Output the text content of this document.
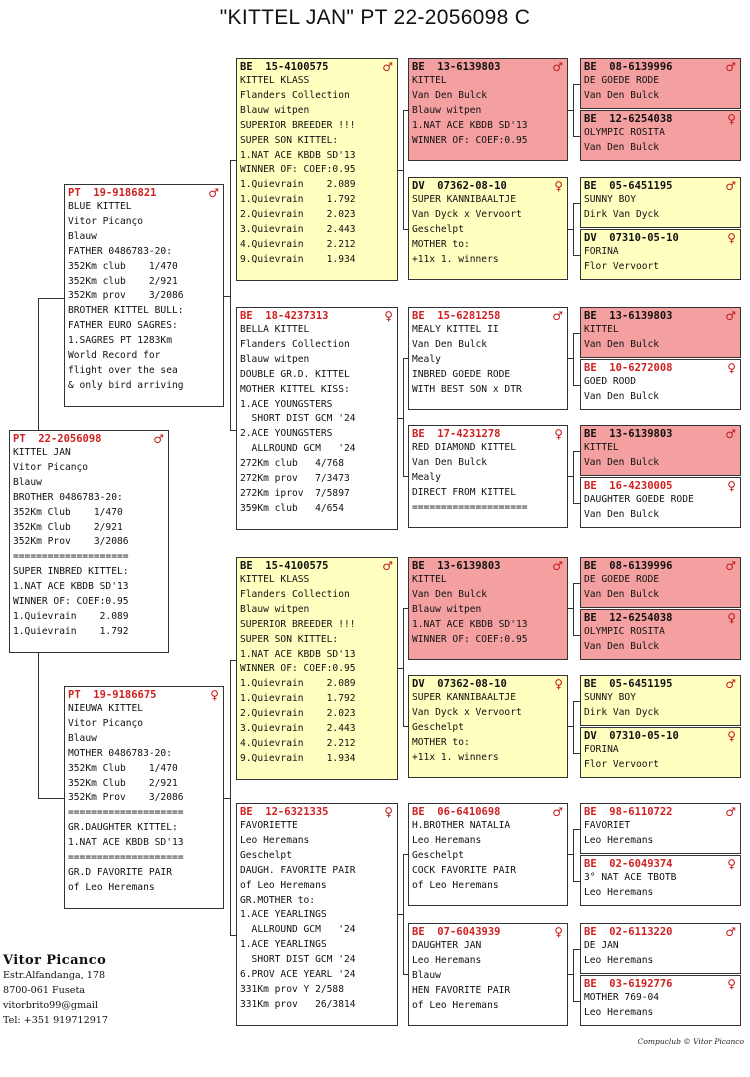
"KITTEL JAN" PT 22-2056098 C
PT  22-2056098	♂
KITTEL JAN
Vitor Picanço
Blauw
BROTHER 0486783-20:
352Km Club    1/470
352Km Club    2/921
352Km Prov    3/2086
====================
SUPER INBRED KITTEL:
1.NAT ACE KBDB SD'13
WINNER OF: COEF:0.95
1.Quievrain    2.089
1.Quievrain    1.792
PT  19-9186821	♂
BLUE KITTEL
Vitor Picanço
Blauw
FATHER 0486783-20:
352Km club    1/470
352Km club    2/921
352Km prov    3/2086
BROTHER KITTEL BULL:
FATHER EURO SAGRES:
1.SAGRES PT 1283Km
World Record for
flight over the sea
& only bird arriving
PT  19-9186675	♀
NIEUWA KITTEL
Vitor Picanço
Blauw
MOTHER 0486783-20:
352Km Club    1/470
352Km Club    2/921
352Km Prov    3/2086
====================
GR.DAUGHTER KITTEL:
1.NAT ACE KBDB SD'13
====================
GR.D FAVORITE PAIR
of Leo Heremans
BE  15-4100575	♂
KITTEL KLASS
Flanders Collection
Blauw witpen
SUPERIOR BREEDER !!!
SUPER SON KITTEL:
1.NAT ACE KBDB SD'13
WINNER OF: COEF:0.95
1.Quievrain    2.089
1.Quievrain    1.792
2.Quievrain    2.023
3.Quievrain    2.443
4.Quievrain    2.212
9.Quievrain    1.934
BE  18-4237313	♀
BELLA KITTEL
Flanders Collection
Blauw witpen
DOUBLE GR.D. KITTEL
MOTHER KITTEL KISS:
1.ACE YOUNGSTERS
SHORT DIST GCM '24
2.ACE YOUNGSTERS
ALLROUND GCM   '24
272Km club   4/768
272Km prov   7/3473
272Km iprov  7/5897
359Km club   4/654
BE  15-4100575	♂
KITTEL KLASS
Flanders Collection
Blauw witpen
SUPERIOR BREEDER !!!
SUPER SON KITTEL:
1.NAT ACE KBDB SD'13
WINNER OF: COEF:0.95
1.Quievrain    2.089
1.Quievrain    1.792
2.Quievrain    2.023
3.Quievrain    2.443
4.Quievrain    2.212
9.Quievrain    1.934
BE  12-6321335	♀
FAVORIETTE
Leo Heremans
Geschelpt
DAUGH. FAVORITE PAIR
of Leo Heremans
GR.MOTHER to:
1.ACE YEARLINGS
ALLROUND GCM   '24
1.ACE YEARLINGS
SHORT DIST GCM '24
6.PROV ACE YEARL '24
331Km prov Y 2/588
331Km prov   26/3814
BE  13-6139803	♂
KITTEL
Van Den Bulck
Blauw witpen
1.NAT ACE KBDB SD'13
WINNER OF: COEF:0.95
DV  07362-08-10	♀
SUPER KANNIBAALTJE
Van Dyck x Vervoort
Geschelpt
MOTHER to:
+11x 1. winners
BE  15-6281258	♂
MEALY KITTEL II
Van Den Bulck
Mealy
INBRED GOEDE RODE
WITH BEST SON x DTR
BE  17-4231278	♀
RED DIAMOND KITTEL
Van Den Bulck
Mealy
DIRECT FROM KITTEL
====================
BE  13-6139803	♂
KITTEL
Van Den Bulck
Blauw witpen
1.NAT ACE KBDB SD'13
WINNER OF: COEF:0.95
DV  07362-08-10	♀
SUPER KANNIBAALTJE
Van Dyck x Vervoort
Geschelpt
MOTHER to:
+11x 1. winners
BE  06-6410698	♂
H.BROTHER NATALIA
Leo Heremans
Geschelpt
COCK FAVORITE PAIR
of Leo Heremans
BE  07-6043939	♀
DAUGHTER JAN
Leo Heremans
Blauw
HEN FAVORITE PAIR
of Leo Heremans
BE  08-6139996	♂
DE GOEDE RODE
Van Den Bulck
BE  12-6254038	♀
OLYMPIC ROSITA
Van Den Bulck
BE  05-6451195	♂
SUNNY BOY
Dirk Van Dyck
DV  07310-05-10	♀
FORINA
Flor Vervoort
BE  13-6139803	♂
KITTEL
Van Den Bulck
BE  10-6272008	♀
GOED ROOD
Van Den Bulck
BE  13-6139803	♂
KITTEL
Van Den Bulck
BE  16-4230005	♀
DAUGHTER GOEDE RODE
Van Den Bulck
BE  08-6139996	♂
DE GOEDE RODE
Van Den Bulck
BE  12-6254038	♀
OLYMPIC ROSITA
Van Den Bulck
BE  05-6451195	♂
SUNNY BOY
Dirk Van Dyck
DV  07310-05-10	♀
FORINA
Flor Vervoort
BE  98-6110722	♂
FAVORIET
Leo Heremans
BE  02-6049374	♀
3° NAT ACE TBOTB
Leo Heremans
BE  02-6113220	♂
DE JAN
Leo Heremans
BE  03-6192776	♀
MOTHER 769-04
Leo Heremans
Vitor Picanco
Estr.Alfandanga, 178
8700-061 Fuseta
vitorbrito99@gmail
Tel: +351 919712917
Compuclub © Vitor Picanco
